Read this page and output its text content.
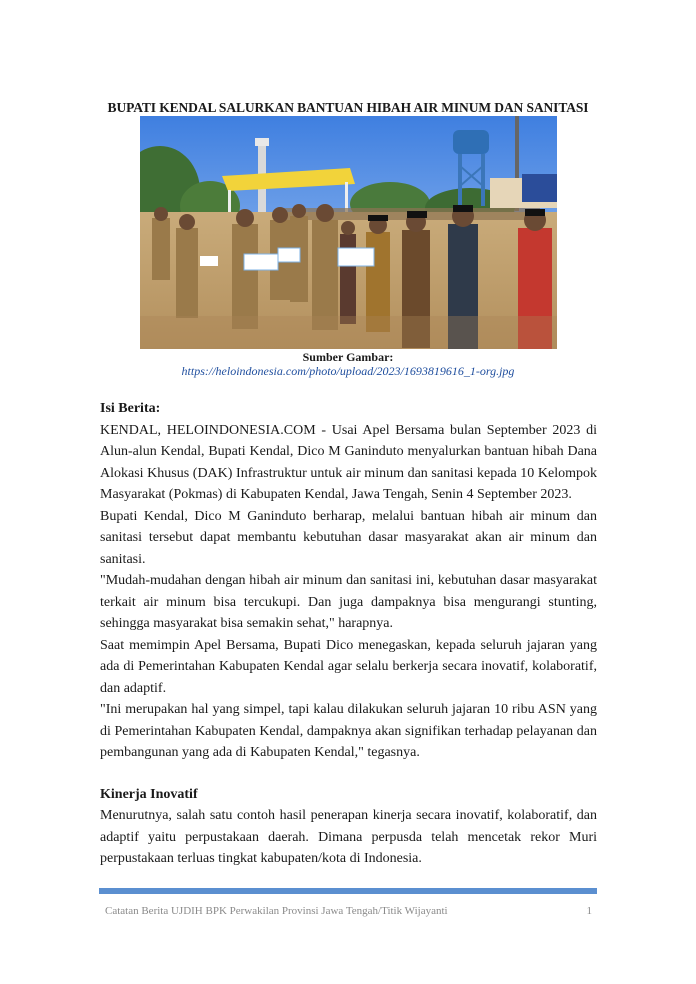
BUPATI KENDAL SALURKAN BANTUAN HIBAH AIR MINUM DAN SANITASI
Sumber Gambar:
https://heloindonesia.com/photo/upload/2023/1693819616_1-org.jpg
Isi Berita:

KENDAL, HELOINDONESIA.COM - Usai Apel Bersama bulan September 2023 di Alun-alun Kendal, Bupati Kendal, Dico M Ganinduto menyalurkan bantuan hibah Dana Alokasi Khusus (DAK) Infrastruktur untuk air minum dan sanitasi kepada 10 Kelompok Masyarakat (Pokmas) di Kabupaten Kendal, Jawa Tengah, Senin 4 September 2023.

Bupati Kendal, Dico M Ganinduto berharap, melalui bantuan hibah air minum dan sanitasi tersebut dapat membantu kebutuhan dasar masyarakat akan air minum dan sanitasi.

"Mudah-mudahan dengan hibah air minum dan sanitasi ini, kebutuhan dasar masyarakat terkait air minum bisa tercukupi. Dan juga dampaknya bisa mengurangi stunting, sehingga masyarakat bisa semakin sehat," harapnya.

Saat memimpin Apel Bersama, Bupati Dico menegaskan, kepada seluruh jajaran yang ada di Pemerintahan Kabupaten Kendal agar selalu berkerja secara inovatif, kolaboratif, dan adaptif.

"Ini merupakan hal yang simpel, tapi kalau dilakukan seluruh jajaran 10 ribu ASN yang di Pemerintahan Kabupaten Kendal, dampaknya akan signifikan terhadap pelayanan dan pembangunan yang ada di Kabupaten Kendal," tegasnya.

Kinerja Inovatif

Menurutnya, salah satu contoh hasil penerapan kinerja secara inovatif, kolaboratif, dan adaptif yaitu perpustakaan daerah. Dimana perpusda telah mencetak rekor Muri perpustakaan terluas tingkat kabupaten/kota di Indonesia.

Catatan Berita UJDIH BPK Perwakilan Provinsi Jawa Tengah/Titik Wijayanti	1
